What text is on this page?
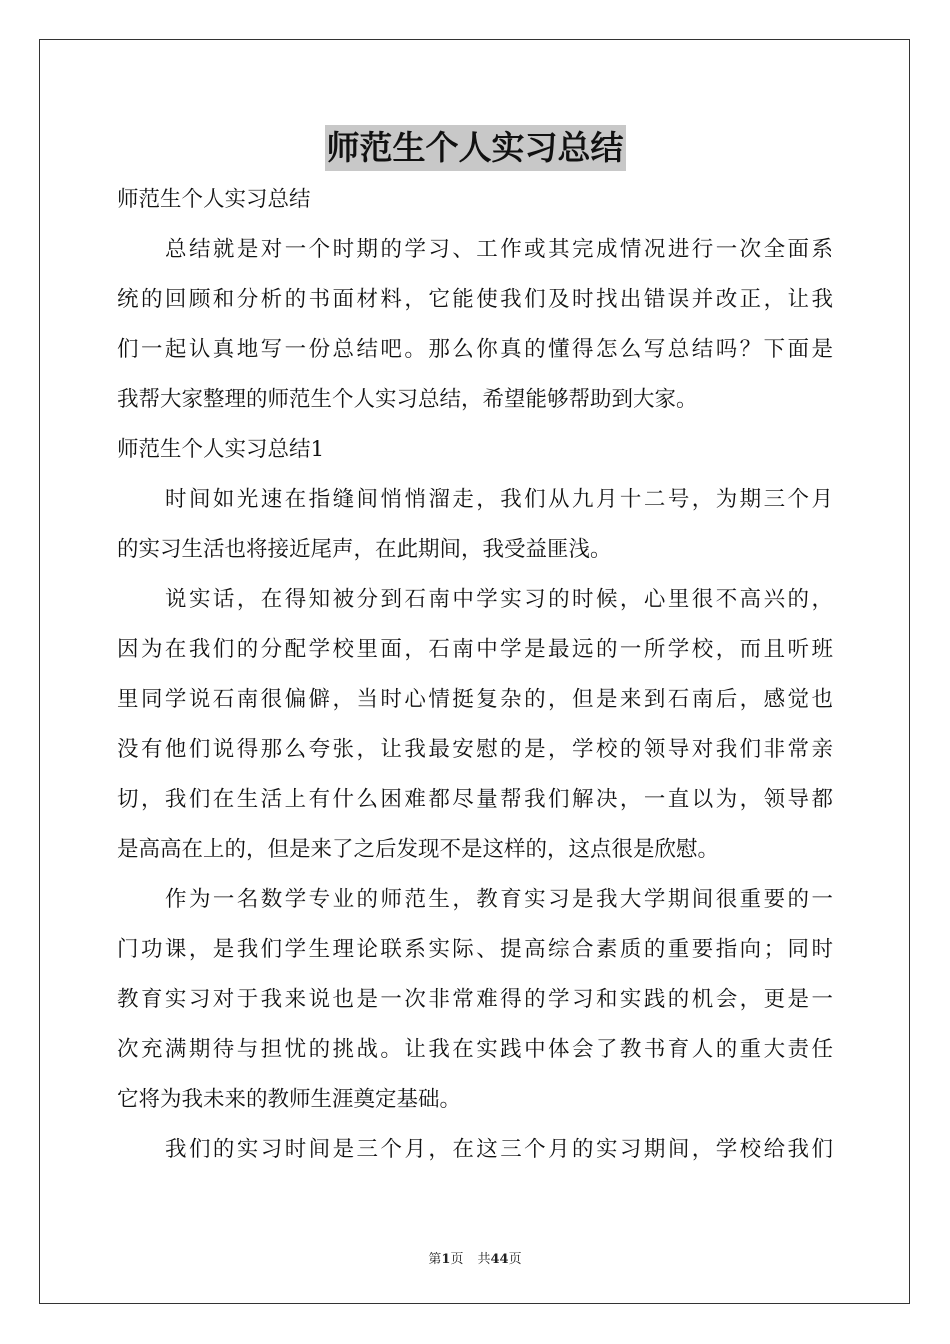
师范生个人实习总结
师范生个人实习总结
总结就是对一个时期的学习、工作或其完成情况进行一次全面系
统的回顾和分析的书面材料，它能使我们及时找出错误并改正，让我
们一起认真地写一份总结吧。那么你真的懂得怎么写总结吗？下面是
我帮大家整理的师范生个人实习总结，希望能够帮助到大家。
师范生个人实习总结1
时间如光速在指缝间悄悄溜走，我们从九月十二号，为期三个月
的实习生活也将接近尾声，在此期间，我受益匪浅。
说实话，在得知被分到石南中学实习的时候，心里很不高兴的，
因为在我们的分配学校里面，石南中学是最远的一所学校，而且听班
里同学说石南很偏僻，当时心情挺复杂的，但是来到石南后，感觉也
没有他们说得那么夸张，让我最安慰的是，学校的领导对我们非常亲
切，我们在生活上有什么困难都尽量帮我们解决，一直以为，领导都
是高高在上的，但是来了之后发现不是这样的，这点很是欣慰。
作为一名数学专业的师范生，教育实习是我大学期间很重要的一
门功课，是我们学生理论联系实际、提高综合素质的重要指向；同时
教育实习对于我来说也是一次非常难得的学习和实践的机会，更是一
次充满期待与担忧的挑战。让我在实践中体会了教书育人的重大责任
它将为我未来的教师生涯奠定基础。
我们的实习时间是三个月，在这三个月的实习期间，学校给我们
第1页 共44页
